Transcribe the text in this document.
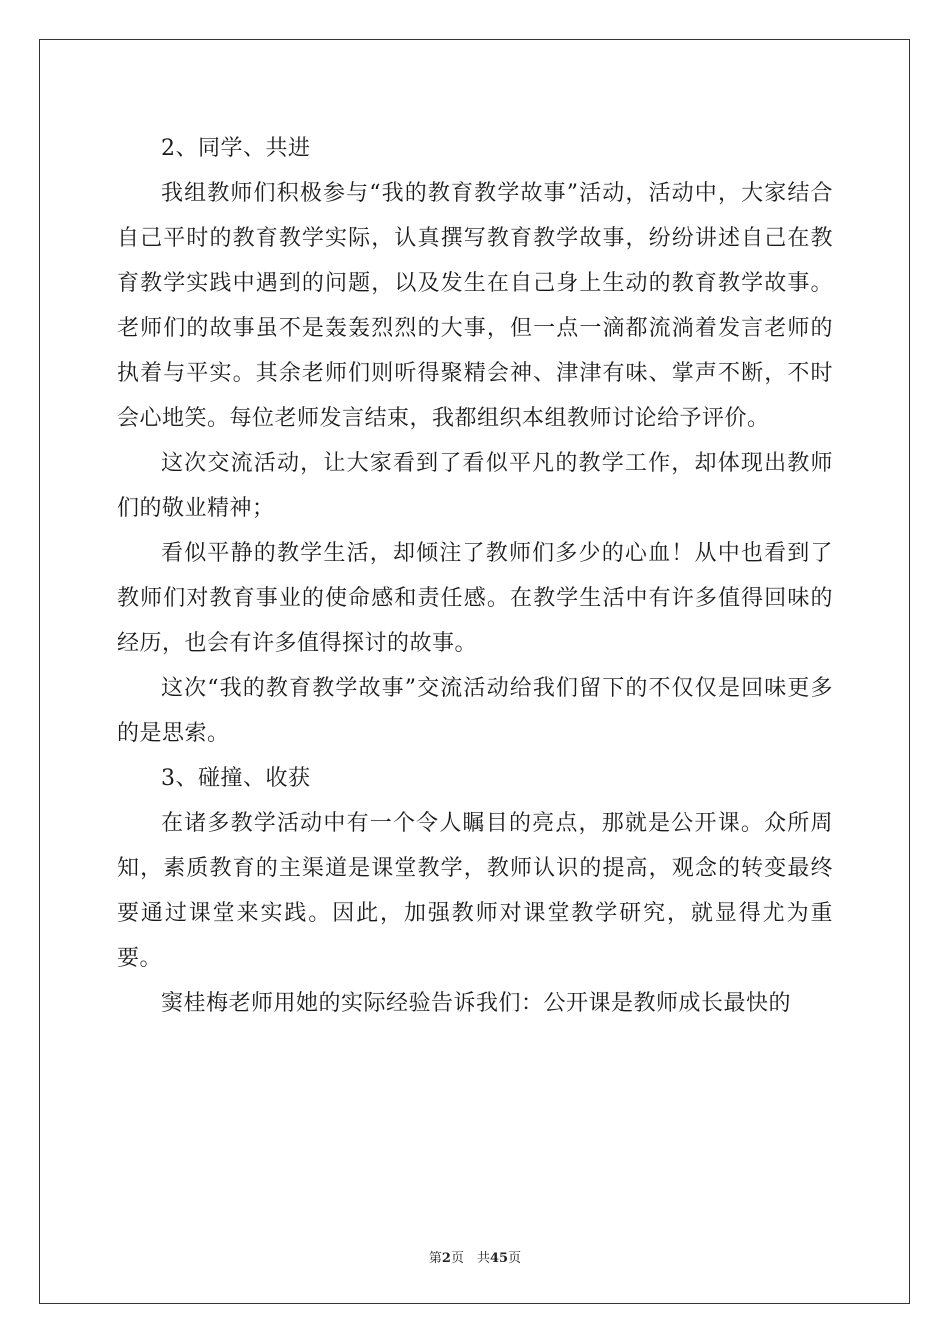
2、同学、共进

我组教师们积极参与“我的教育教学故事”活动，活动中，大家结合自己平时的教育教学实际，认真撰写教育教学故事，纷纷讲述自己在教育教学实践中遇到的问题，以及发生在自己身上生动的教育教学故事。老师们的故事虽不是轰轰烈烈的大事，但一点一滴都流淌着发言老师的执着与平实。其余老师们则听得聚精会神、津津有味、掌声不断，不时会心地笑。每位老师发言结束，我都组织本组教师讨论给予评价。

这次交流活动，让大家看到了看似平凡的教学工作，却体现出教师们的敬业精神；

看似平静的教学生活，却倾注了教师们多少的心血！从中也看到了教师们对教育事业的使命感和责任感。在教学生活中有许多值得回味的经历，也会有许多值得探讨的故事。

这次“我的教育教学故事”交流活动给我们留下的不仅仅是回味更多的是思索。

3、碰撞、收获

在诸多教学活动中有一个令人瞩目的亮点，那就是公开课。众所周知，素质教育的主渠道是课堂教学，教师认识的提高，观念的转变最终要通过课堂来实践。因此，加强教师对课堂教学研究，就显得尤为重要。

窦桂梅老师用她的实际经验告诉我们：公开课是教师成长最快的

第2页　共45页
